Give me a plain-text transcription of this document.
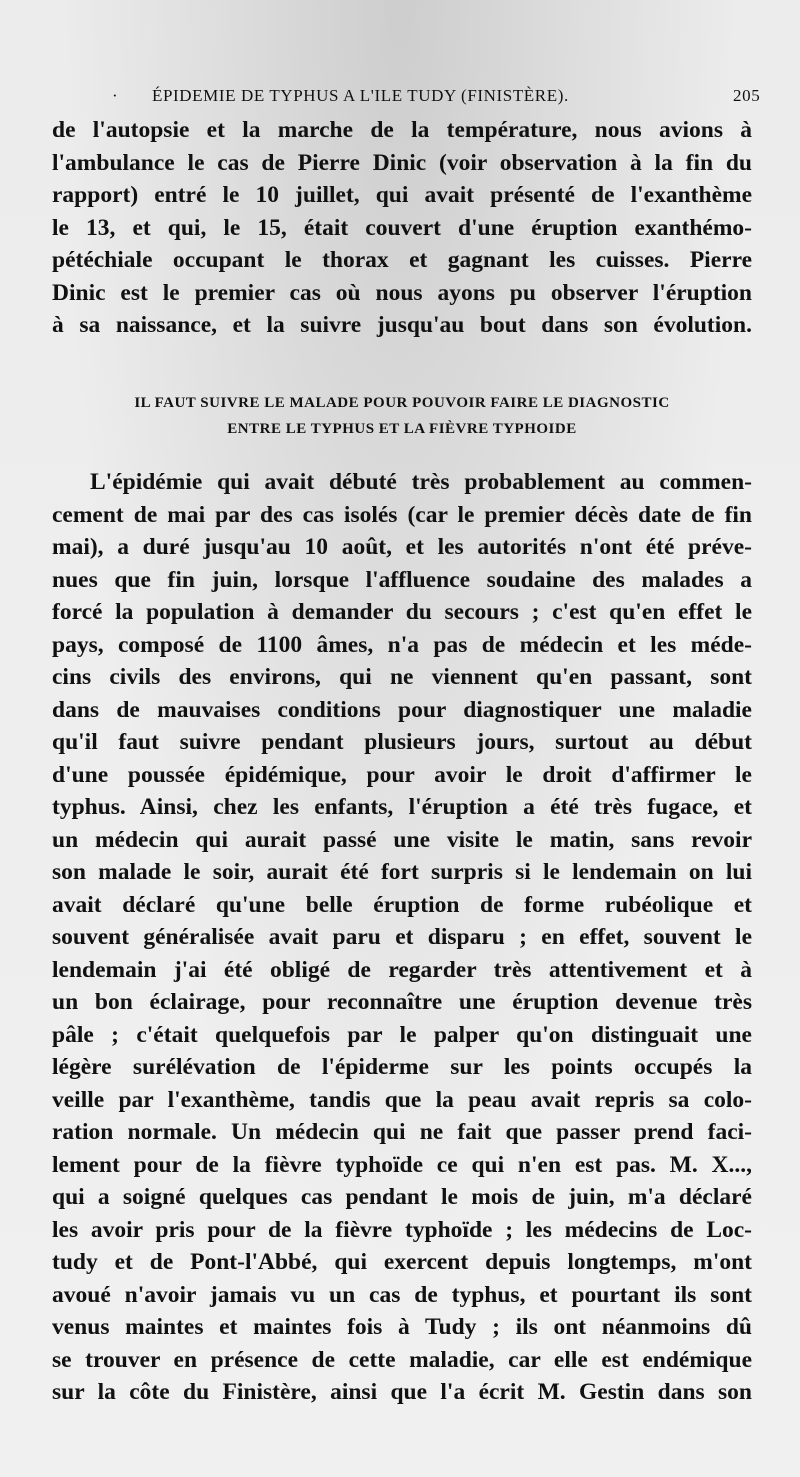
· ÉPIDEMIE DE TYPHUS A L'ILE TUDY (FINISTÈRE).	205
de l'autopsie et la marche de la température, nous avions à
l'ambulance le cas de Pierre Dinic (voir observation à la fin du
rapport) entré le 10 juillet, qui avait présenté de l'exanthème
le 13, et qui, le 15, était couvert d'une éruption exanthémo-
pétéchiale occupant le thorax et gagnant les cuisses. Pierre
Dinic est le premier cas où nous ayons pu observer l'éruption
à sa naissance, et la suivre jusqu'au bout dans son évolution.
IL FAUT SUIVRE LE MALADE POUR POUVOIR FAIRE LE DIAGNOSTIC
ENTRE LE TYPHUS ET LA FIÈVRE TYPHOIDE
L'épidémie qui avait débuté très probablement au commen-
cement de mai par des cas isolés (car le premier décès date de fin
mai), a duré jusqu'au 10 août, et les autorités n'ont été préve-
nues que fin juin, lorsque l'affluence soudaine des malades a
forcé la population à demander du secours ; c'est qu'en effet le
pays, composé de 1100 âmes, n'a pas de médecin et les méde-
cins civils des environs, qui ne viennent qu'en passant, sont
dans de mauvaises conditions pour diagnostiquer une maladie
qu'il faut suivre pendant plusieurs jours, surtout au début
d'une poussée épidémique, pour avoir le droit d'affirmer le
typhus. Ainsi, chez les enfants, l'éruption a été très fugace, et
un médecin qui aurait passé une visite le matin, sans revoir
son malade le soir, aurait été fort surpris si le lendemain on lui
avait déclaré qu'une belle éruption de forme rubéolique et
souvent généralisée avait paru et disparu ; en effet, souvent le
lendemain j'ai été obligé de regarder très attentivement et à
un bon éclairage, pour reconnaître une éruption devenue très
pâle ; c'était quelquefois par le palper qu'on distinguait une
légère surélévation de l'épiderme sur les points occupés la
veille par l'exanthème, tandis que la peau avait repris sa colo-
ration normale. Un médecin qui ne fait que passer prend faci-
lement pour de la fièvre typhoïde ce qui n'en est pas. M. X...,
qui a soigné quelques cas pendant le mois de juin, m'a déclaré
les avoir pris pour de la fièvre typhoïde ; les médecins de Loc-
tudy et de Pont-l'Abbé, qui exercent depuis longtemps, m'ont
avoué n'avoir jamais vu un cas de typhus, et pourtant ils sont
venus maintes et maintes fois à Tudy ; ils ont néanmoins dû
se trouver en présence de cette maladie, car elle est endémique
sur la côte du Finistère, ainsi que l'a écrit M. Gestin dans son
